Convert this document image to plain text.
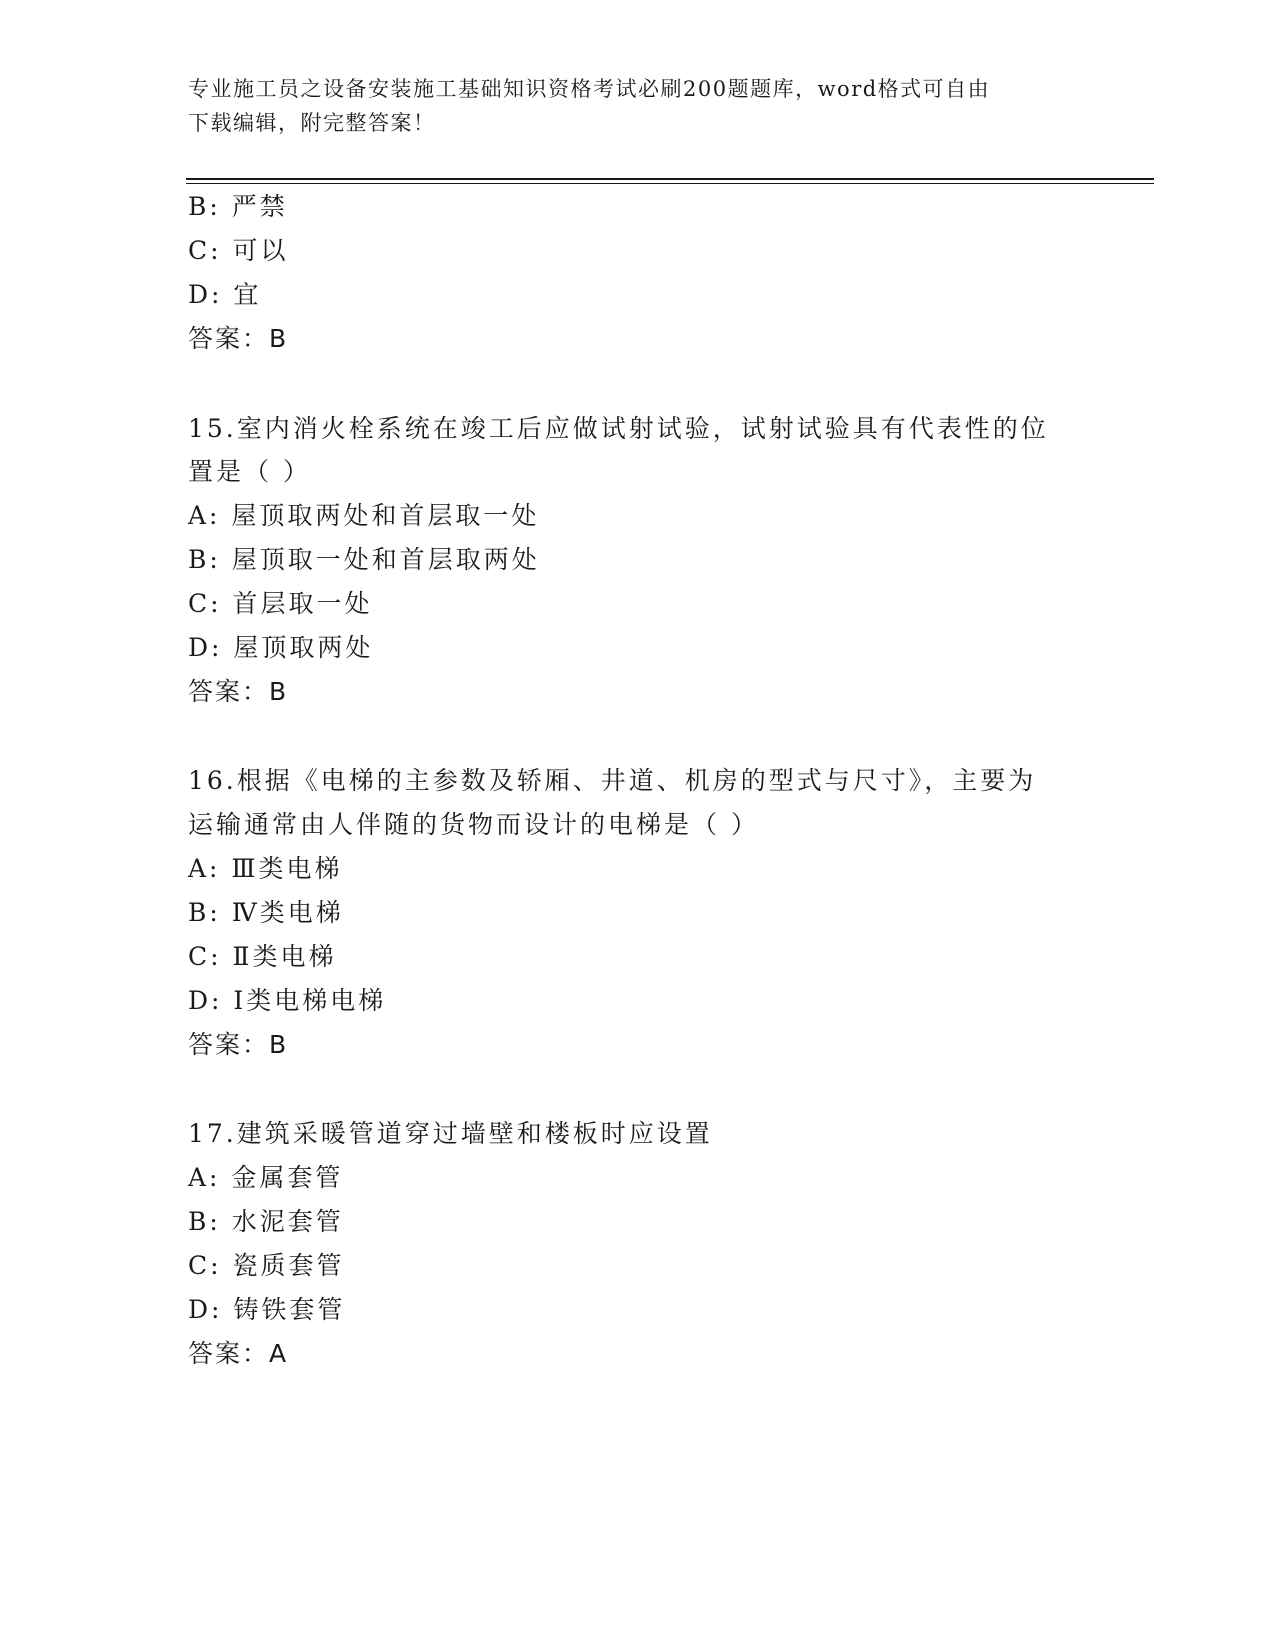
专业施工员之设备安装施工基础知识资格考试必刷200题题库，word格式可自由
下载编辑，附完整答案！
B: 严禁
C: 可以
D: 宜
答案：B
15.室内消火栓系统在竣工后应做试射试验，试射试验具有代表性的位
置是（ ）
A: 屋顶取两处和首层取一处
B: 屋顶取一处和首层取两处
C: 首层取一处
D: 屋顶取两处
答案：B
16.根据《电梯的主参数及轿厢、井道、机房的型式与尺寸》，主要为
运输通常由人伴随的货物而设计的电梯是（ ）
A: Ⅲ类电梯
B: Ⅳ类电梯
C: Ⅱ类电梯
D: Ⅰ类电梯电梯
答案：B
17.建筑采暖管道穿过墙壁和楼板时应设置
A: 金属套管
B: 水泥套管
C: 瓷质套管
D: 铸铁套管
答案：A
